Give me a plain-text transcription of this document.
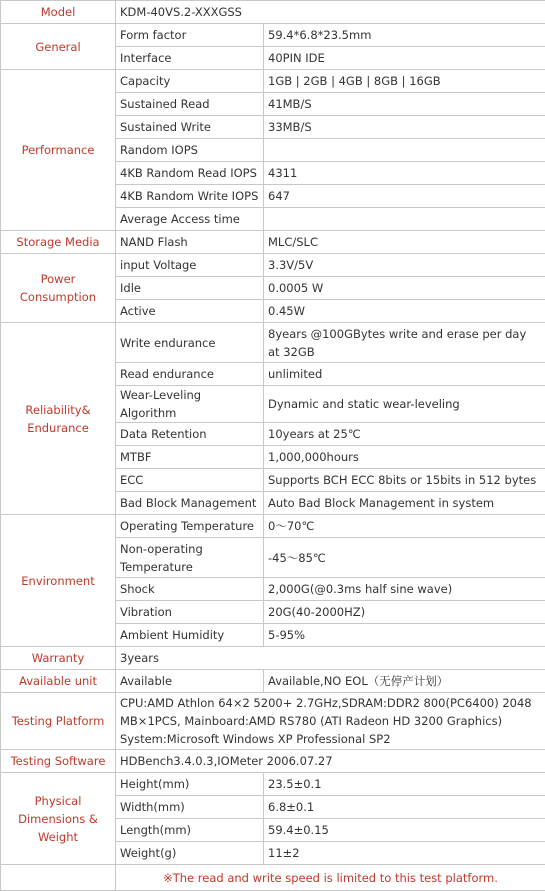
Model	KDM-40VS.2-XXXGSS	
General	Form factor	59.4*6.8*23.5mm
	Interface	40PIN IDE
Performance	Capacity	1GB | 2GB | 4GB | 8GB | 16GB
	Sustained Read	41MB/S
	Sustained Write	33MB/S
	Random IOPS	
	4KB Random Read IOPS	4311
	4KB Random Write IOPS	647
	Average Access time	
Storage Media	NAND Flash	MLC/SLC
Power Consumption	input Voltage	3.3V/5V
	Idle	0.0005 W
	Active	0.45W
Reliability& Endurance	Write endurance	8years @100GBytes write and erase per day at 32GB
	Read endurance	unlimited
	Wear-Leveling Algorithm	Dynamic and static wear-leveling
	Data Retention	10years at 25℃
	MTBF	1,000,000hours
	ECC	Supports BCH ECC 8bits or 15bits in 512 bytes
	Bad Block Management	Auto Bad Block Management in system
Environment	Operating Temperature	0～70℃
	Non-operating Temperature	-45～85℃
	Shock	2,000G(@0.3ms half sine wave)
	Vibration	20G(40-2000HZ)
	Ambient Humidity	5-95%
Warranty	3years	
Available unit	Available	Available,NO EOL（无停产计划）
Testing Platform	CPU:AMD Athlon 64×2 5200+ 2.7GHz,SDRAM:DDR2 800(PC6400) 2048 MB×1PCS, Mainboard:AMD RS780 (ATI Radeon HD 3200 Graphics) System:Microsoft Windows XP Professional SP2	
Testing Software	HDBench3.4.0.3,IOMeter 2006.07.27	
Physical Dimensions & Weight	Height(mm)	23.5±0.1
	Width(mm)	6.8±0.1
	Length(mm)	59.4±0.15
	Weight(g)	11±2
	※The read and write speed is limited to this test platform.	
